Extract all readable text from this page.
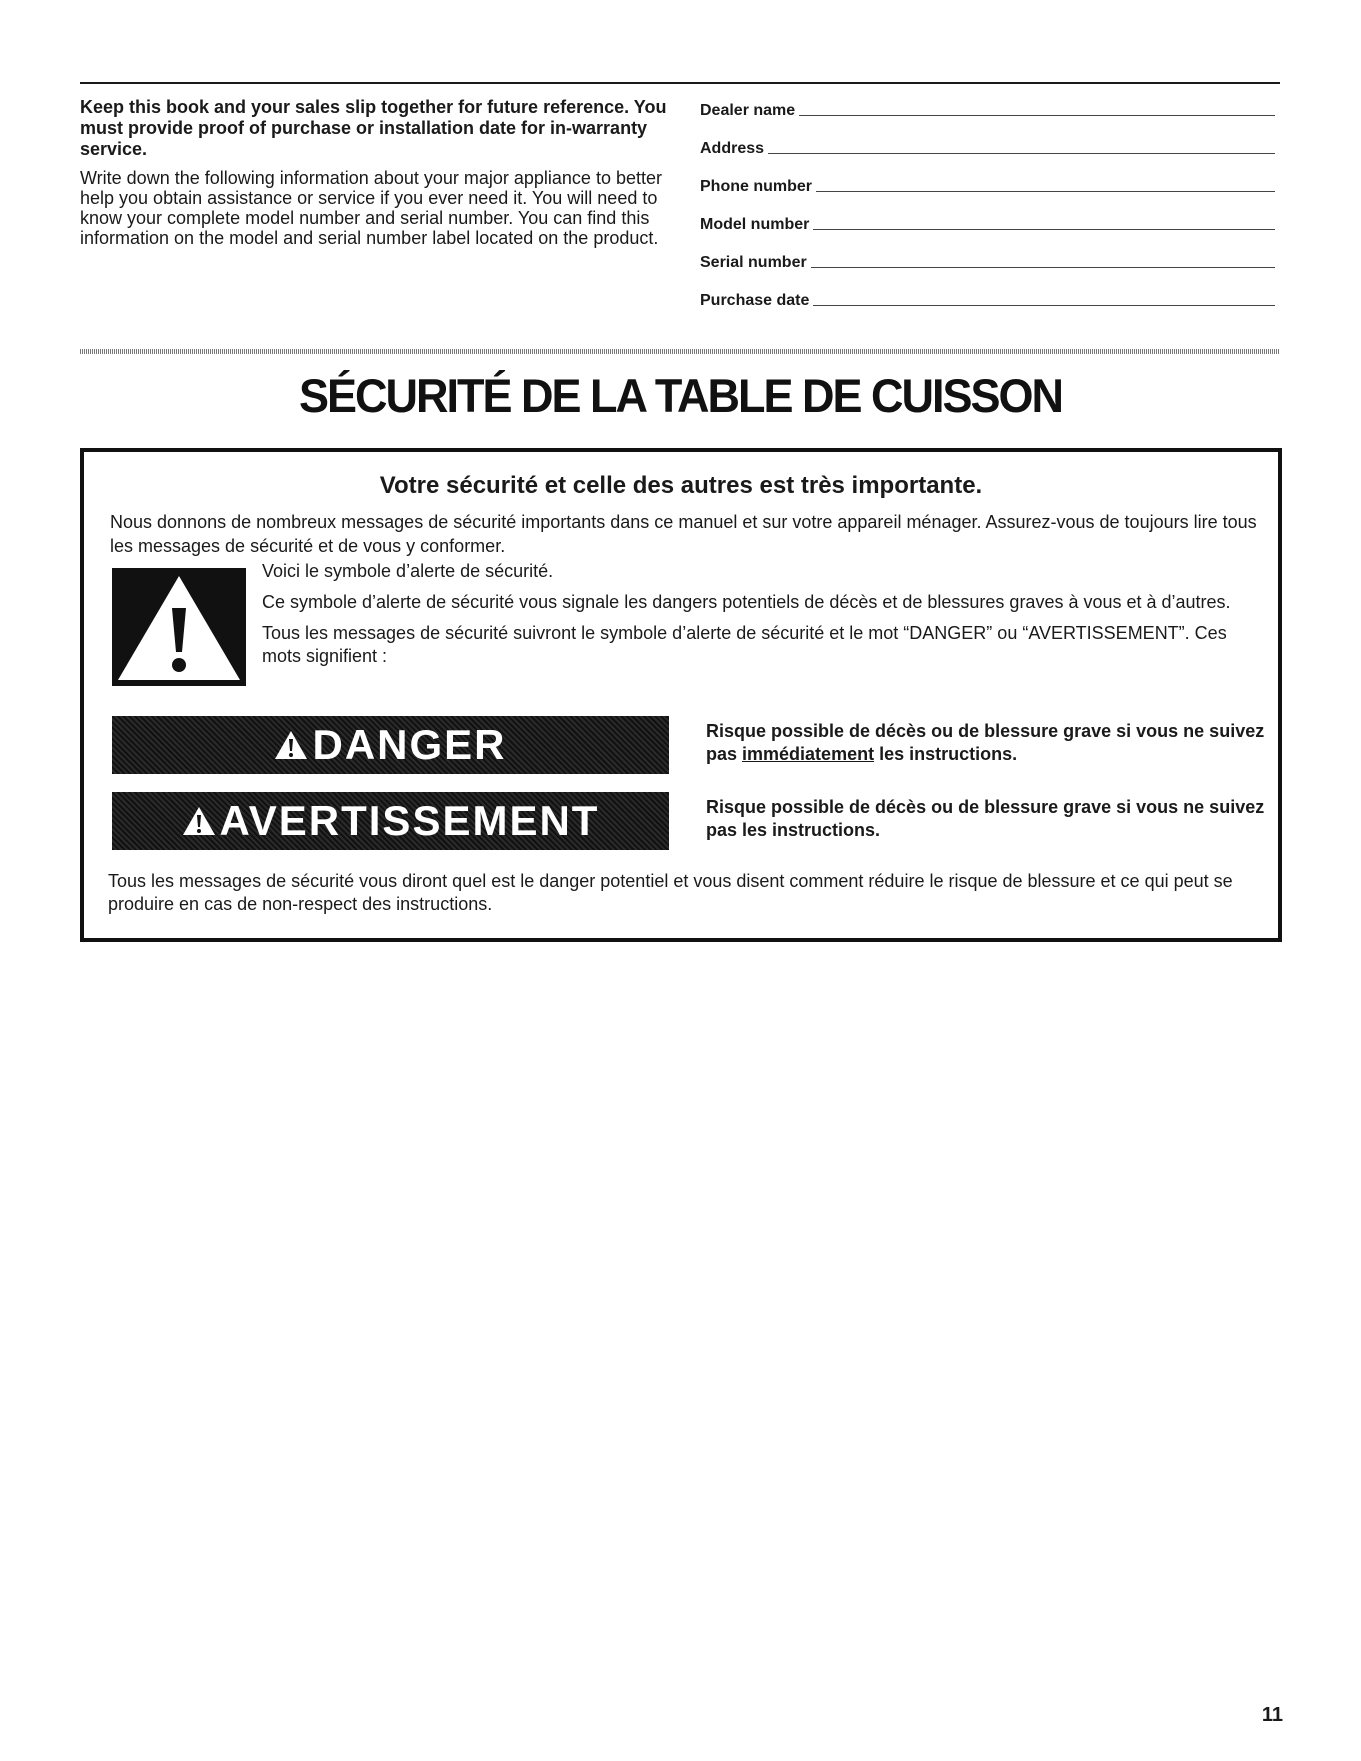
Keep this book and your sales slip together for future reference. You must provide proof of purchase or installation date for in-warranty service.

Write down the following information about your major appliance to better help you obtain assistance or service if you ever need it. You will need to know your complete model number and serial number. You can find this information on the model and serial number label located on the product.

Dealer name
Address
Phone number
Model number
Serial number
Purchase date
SÉCURITÉ DE LA TABLE DE CUISSON
Votre sécurité et celle des autres est très importante.

Nous donnons de nombreux messages de sécurité importants dans ce manuel et sur votre appareil ménager. Assurez-vous de toujours lire tous les messages de sécurité et de vous y conformer.

Voici le symbole d’alerte de sécurité.

Ce symbole d’alerte de sécurité vous signale les dangers potentiels de décès et de blessures graves à vous et à d’autres.

Tous les messages de sécurité suivront le symbole d’alerte de sécurité et le mot “DANGER” ou “AVERTISSEMENT”. Ces mots signifient :

DANGER	Risque possible de décès ou de blessure grave si vous ne suivez pas immédiatement les instructions.

AVERTISSEMENT	Risque possible de décès ou de blessure grave si vous ne suivez pas les instructions.

Tous les messages de sécurité vous diront quel est le danger potentiel et vous disent comment réduire le risque de blessure et ce qui peut se produire en cas de non-respect des instructions.

11
